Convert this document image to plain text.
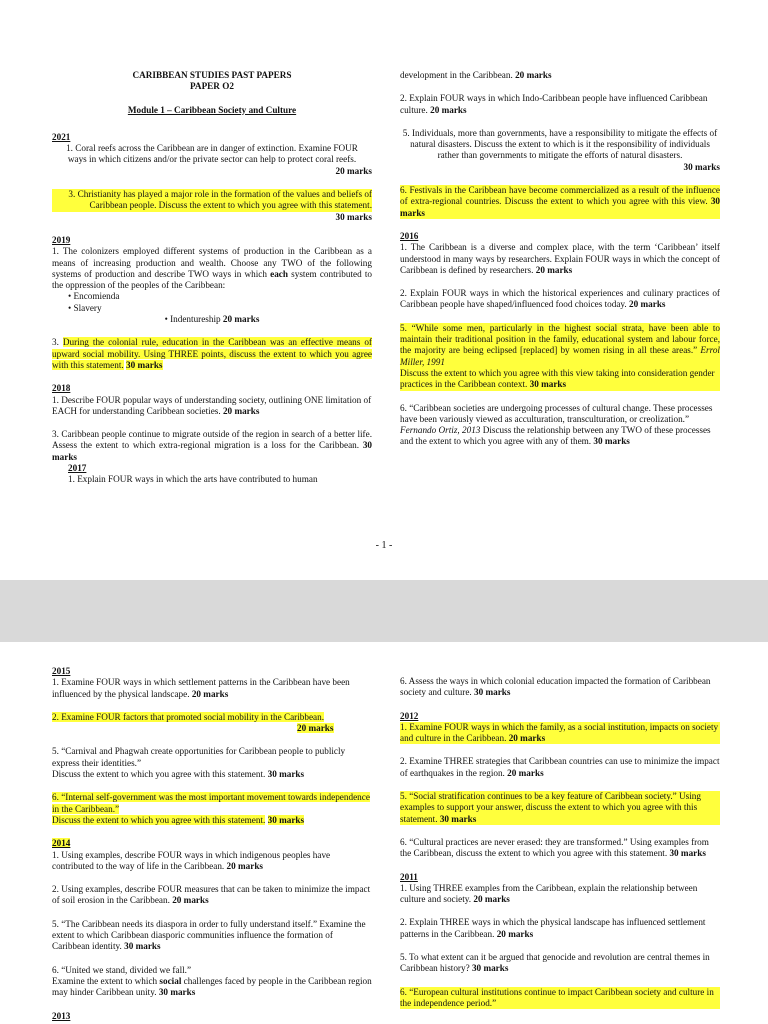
CARIBBEAN STUDIES PAST PAPERS

PAPER O2

Module 1 – Caribbean Society and Culture

2021

1. Coral reefs across the Caribbean are in danger of extinction. Examine FOUR ways in which citizens and/or the private sector can help to protect coral reefs.

20 marks

3. Christianity has played a major role in the formation of the values and beliefs of Caribbean people. Discuss the extent to which you agree with this statement.

30 marks

2019

1. The colonizers employed different systems of production in the Caribbean as a means of increasing production and wealth. Choose any TWO of the following systems of production and describe TWO ways in which each system contributed to the oppression of the peoples of the Caribbean:

• Encomienda

• Slavery

• Indentureship 20 marks

3. During the colonial rule, education in the Caribbean was an effective means of upward social mobility. Using THREE points, discuss the extent to which you agree with this statement. 30 marks

2018

1. Describe FOUR popular ways of understanding society, outlining ONE limitation of EACH for understanding Caribbean societies. 20 marks

3. Caribbean people continue to migrate outside of the region in search of a better life. Assess the extent to which extra-regional migration is a loss for the Caribbean. 30 marks

2017

1. Explain FOUR ways in which the arts have contributed to human

development in the Caribbean. 20 marks

2. Explain FOUR ways in which Indo-Caribbean people have influenced Caribbean culture. 20 marks

5. Individuals, more than governments, have a responsibility to mitigate the effects of natural disasters. Discuss the extent to which is it the responsibility of individuals rather than governments to mitigate the efforts of natural disasters.

30 marks

6. Festivals in the Caribbean have become commercialized as a result of the influence of extra-regional countries. Discuss the extent to which you agree with this view. 30 marks

2016

1. The Caribbean is a diverse and complex place, with the term ‘Caribbean’ itself understood in many ways by researchers. Explain FOUR ways in which the concept of Caribbean is defined by researchers. 20 marks

2. Explain FOUR ways in which the historical experiences and culinary practices of Caribbean people have shaped/influenced food choices today. 20 marks

5. “While some men, particularly in the highest social strata, have been able to maintain their traditional position in the family, educational system and labour force, the majority are being eclipsed [replaced] by women rising in all these areas.” Errol Miller, 1991

Discuss the extent to which you agree with this view taking into consideration gender practices in the Caribbean context. 30 marks

6. “Caribbean societies are undergoing processes of cultural change. These processes have been variously viewed as acculturation, transculturation, or creolization.” Fernando Ortiz, 2013 Discuss the relationship between any TWO of these processes and the extent to which you agree with any of them. 30 marks

- 1 -

2015

1. Examine FOUR ways in which settlement patterns in the Caribbean have been influenced by the physical landscape. 20 marks

2. Examine FOUR factors that promoted social mobility in the Caribbean.

20 marks

5. “Carnival and Phagwah create opportunities for Caribbean people to publicly express their identities.”

Discuss the extent to which you agree with this statement. 30 marks

6. “Internal self-government was the most important movement towards independence in the Caribbean.”

Discuss the extent to which you agree with this statement. 30 marks

2014

1. Using examples, describe FOUR ways in which indigenous peoples have contributed to the way of life in the Caribbean. 20 marks

2. Using examples, describe FOUR measures that can be taken to minimize the impact of soil erosion in the Caribbean. 20 marks

5. “The Caribbean needs its diaspora in order to fully understand itself.” Examine the extent to which Caribbean diasporic communities influence the formation of Caribbean identity. 30 marks

6. “United we stand, divided we fall.”

Examine the extent to which social challenges faced by people in the Caribbean region may hinder Caribbean unity. 30 marks

2013

6. Assess the ways in which colonial education impacted the formation of Caribbean society and culture. 30 marks

2012

1. Examine FOUR ways in which the family, as a social institution, impacts on society and culture in the Caribbean. 20 marks

2. Examine THREE strategies that Caribbean countries can use to minimize the impact of earthquakes in the region. 20 marks

5. “Social stratification continues to be a key feature of Caribbean society.” Using examples to support your answer, discuss the extent to which you agree with this statement. 30 marks

6. “Cultural practices are never erased: they are transformed.” Using examples from the Caribbean, discuss the extent to which you agree with this statement. 30 marks

2011

1. Using THREE examples from the Caribbean, explain the relationship between culture and society. 20 marks

2. Explain THREE ways in which the physical landscape has influenced settlement patterns in the Caribbean. 20 marks

5. To what extent can it be argued that genocide and revolution are central themes in Caribbean history? 30 marks

6. “European cultural institutions continue to impact Caribbean society and culture in the independence period.”
